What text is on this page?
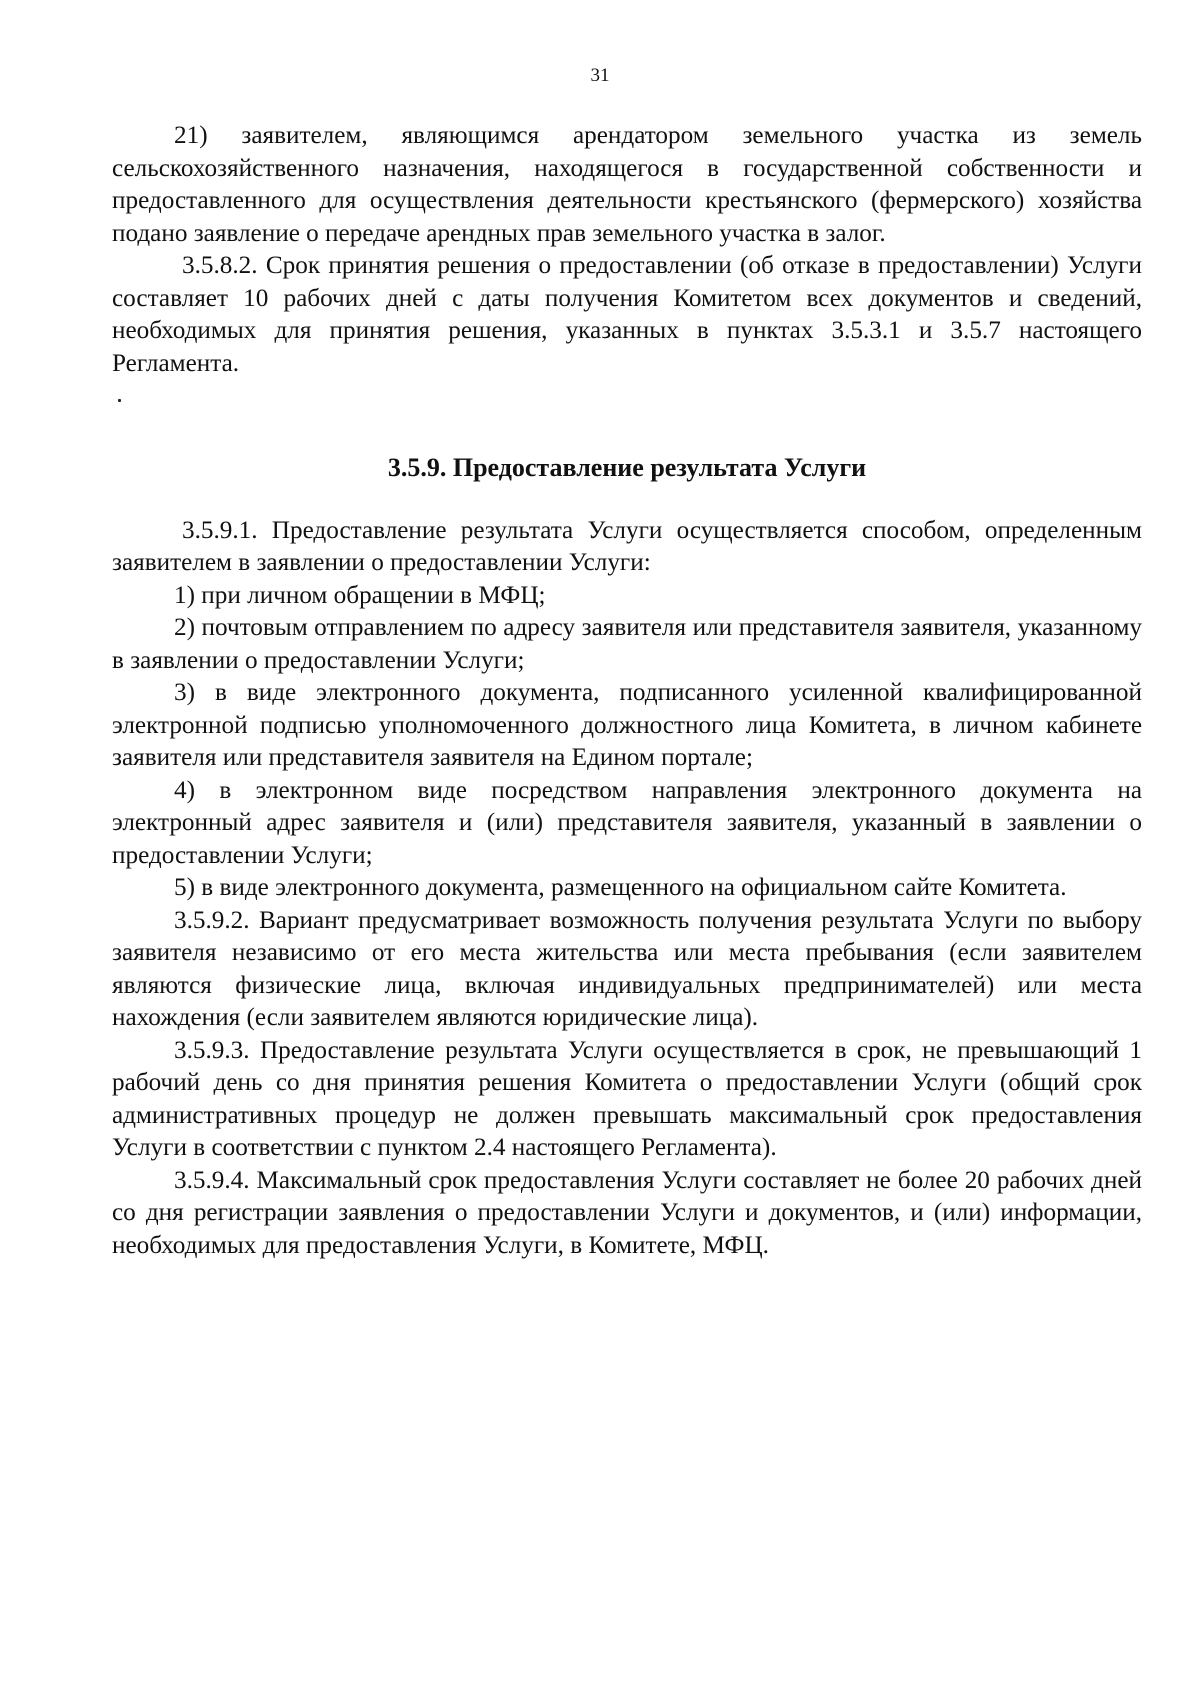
31

21) заявителем, являющимся арендатором земельного участка из земель сельскохозяйственного назначения, находящегося в государственной собственности и предоставленного для осуществления деятельности крестьянского (фермерского) хозяйства подано заявление о передаче арендных прав земельного участка в залог.

3.5.8.2. Срок принятия решения о предоставлении (об отказе в предоставлении) Услуги составляет 10 рабочих дней с даты получения Комитетом всех документов и сведений, необходимых для принятия решения, указанных в пунктах 3.5.3.1 и 3.5.7 настоящего Регламента.

3.5.9. Предоставление результата Услуги

3.5.9.1. Предоставление результата Услуги осуществляется способом, определенным заявителем в заявлении о предоставлении Услуги:

1) при личном обращении в МФЦ;

2) почтовым отправлением по адресу заявителя или представителя заявителя, указанному в заявлении о предоставлении Услуги;

3) в виде электронного документа, подписанного усиленной квалифицированной электронной подписью уполномоченного должностного лица Комитета, в личном кабинете заявителя или представителя заявителя на Едином портале;

4) в электронном виде посредством направления электронного документа на электронный адрес заявителя и (или) представителя заявителя, указанный в заявлении о предоставлении Услуги;

5) в виде электронного документа, размещенного на официальном сайте Комитета.

3.5.9.2. Вариант предусматривает возможность получения результата Услуги по выбору заявителя независимо от его места жительства или места пребывания (если заявителем являются физические лица, включая индивидуальных предпринимателей) или места нахождения (если заявителем являются юридические лица).

3.5.9.3. Предоставление результата Услуги осуществляется в срок, не превышающий 1 рабочий день со дня принятия решения Комитета о предоставлении Услуги (общий срок административных процедур не должен превышать максимальный срок предоставления Услуги в соответствии с пунктом 2.4 настоящего Регламента).

3.5.9.4. Максимальный срок предоставления Услуги составляет не более 20 рабочих дней со дня регистрации заявления о предоставлении Услуги и документов, и (или) информации, необходимых для предоставления Услуги, в Комитете, МФЦ.
